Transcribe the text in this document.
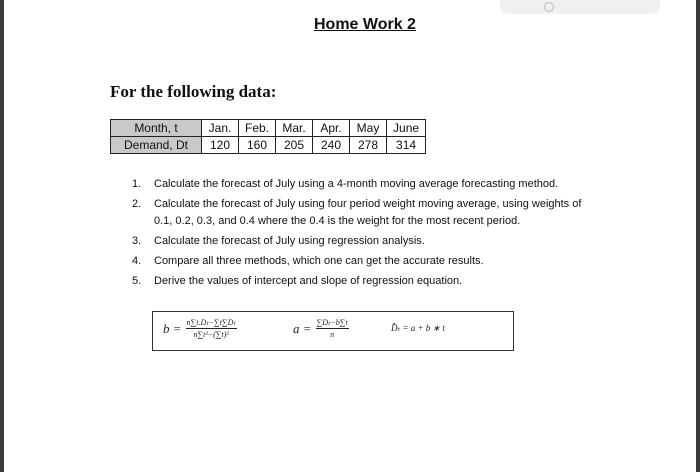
Home Work 2
For the following data:
Month, t	Jan.	Feb.	Mar.	Apr.	May	June
Demand, Dt	120	160	205	240	278	314
1. Calculate the forecast of July using a 4-month moving average forecasting method.
2. Calculate the forecast of July using four period weight moving average, using weights of 0.1, 0.2, 0.3, and 0.4 where the 0.4 is the weight for the most recent period.
3. Calculate the forecast of July using regression analysis.
4. Compare all three methods, which one can get the accurate results.
5. Derive the values of intercept and slope of regression equation.
$b = \frac{\text{n∑t.Dₜ−∑t∑Dₜ}}{\text{n∑t²−(∑t)²}}$	$a = \frac{\text{∑Dₜ−b∑t}}{n}$	D̂ₜ = a + b ∗ t
